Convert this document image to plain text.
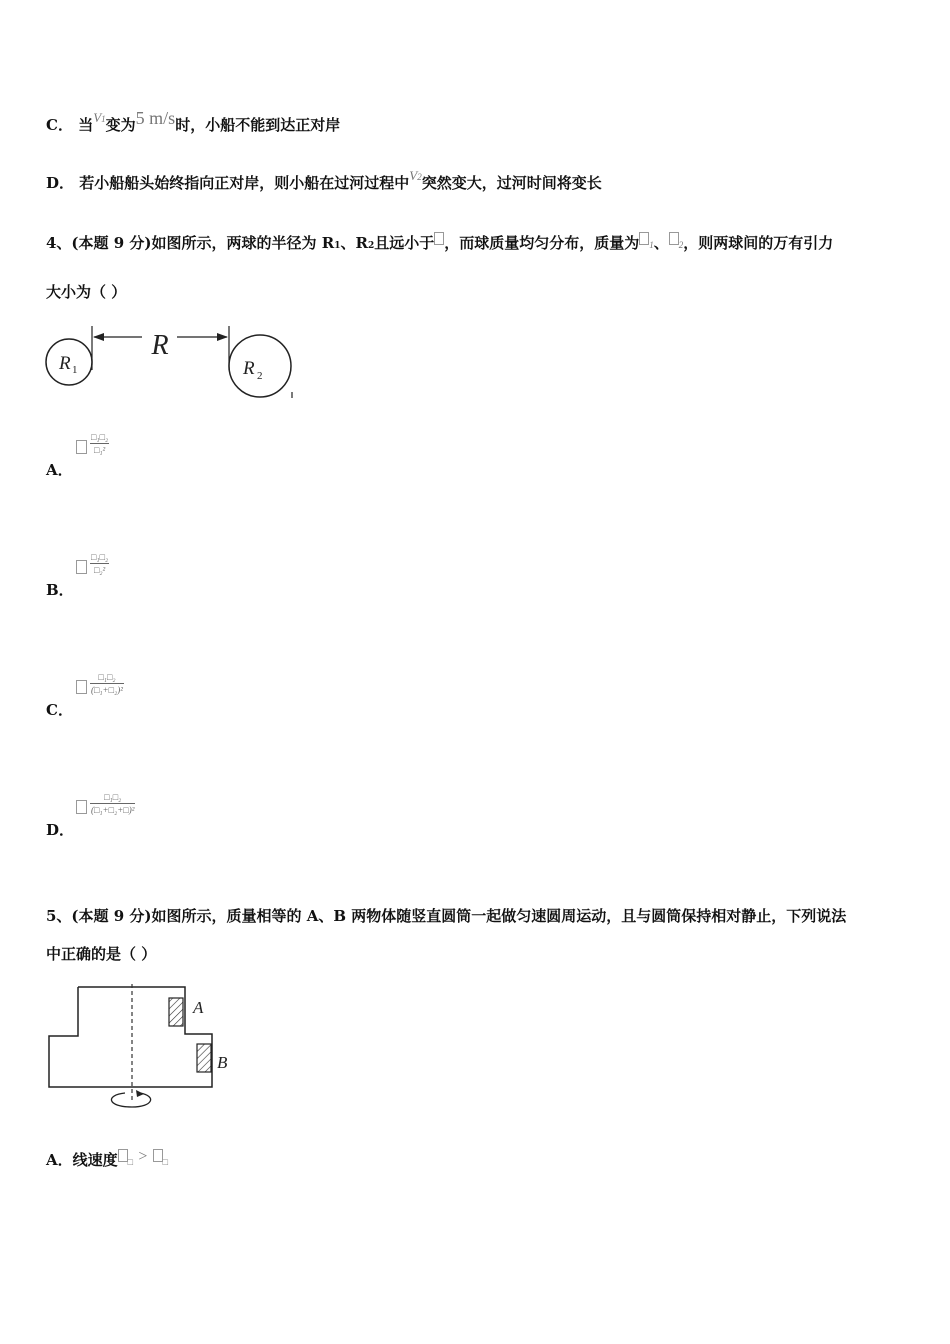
C． 当V1变为5 m/s时，小船不能到达正对岸
D． 若小船船头始终指向正对岸，则小船在过河过程中V2突然变大，过河时间将变长
4、(本题 9 分)如图所示，两球的半径为 R1、R2且远小于 ，而球质量均匀分布，质量为 1、 2，则两球间的万有引力
大小为（ ）
R
R 1	R 2
□₁□₂
□₁²
A．
□₁□₂
□₂²
B．
□₁□₂
(□₁+□₂)²
C．
□₁□₂
(□₁+□₂+□)²
D．
5、(本题 9 分)如图所示，质量相等的 A、B 两物体随竖直圆筒一起做匀速圆周运动，且与圆筒保持相对静止，下列说法
中正确的是（ ）
A
B
A．线速度 □ > □
